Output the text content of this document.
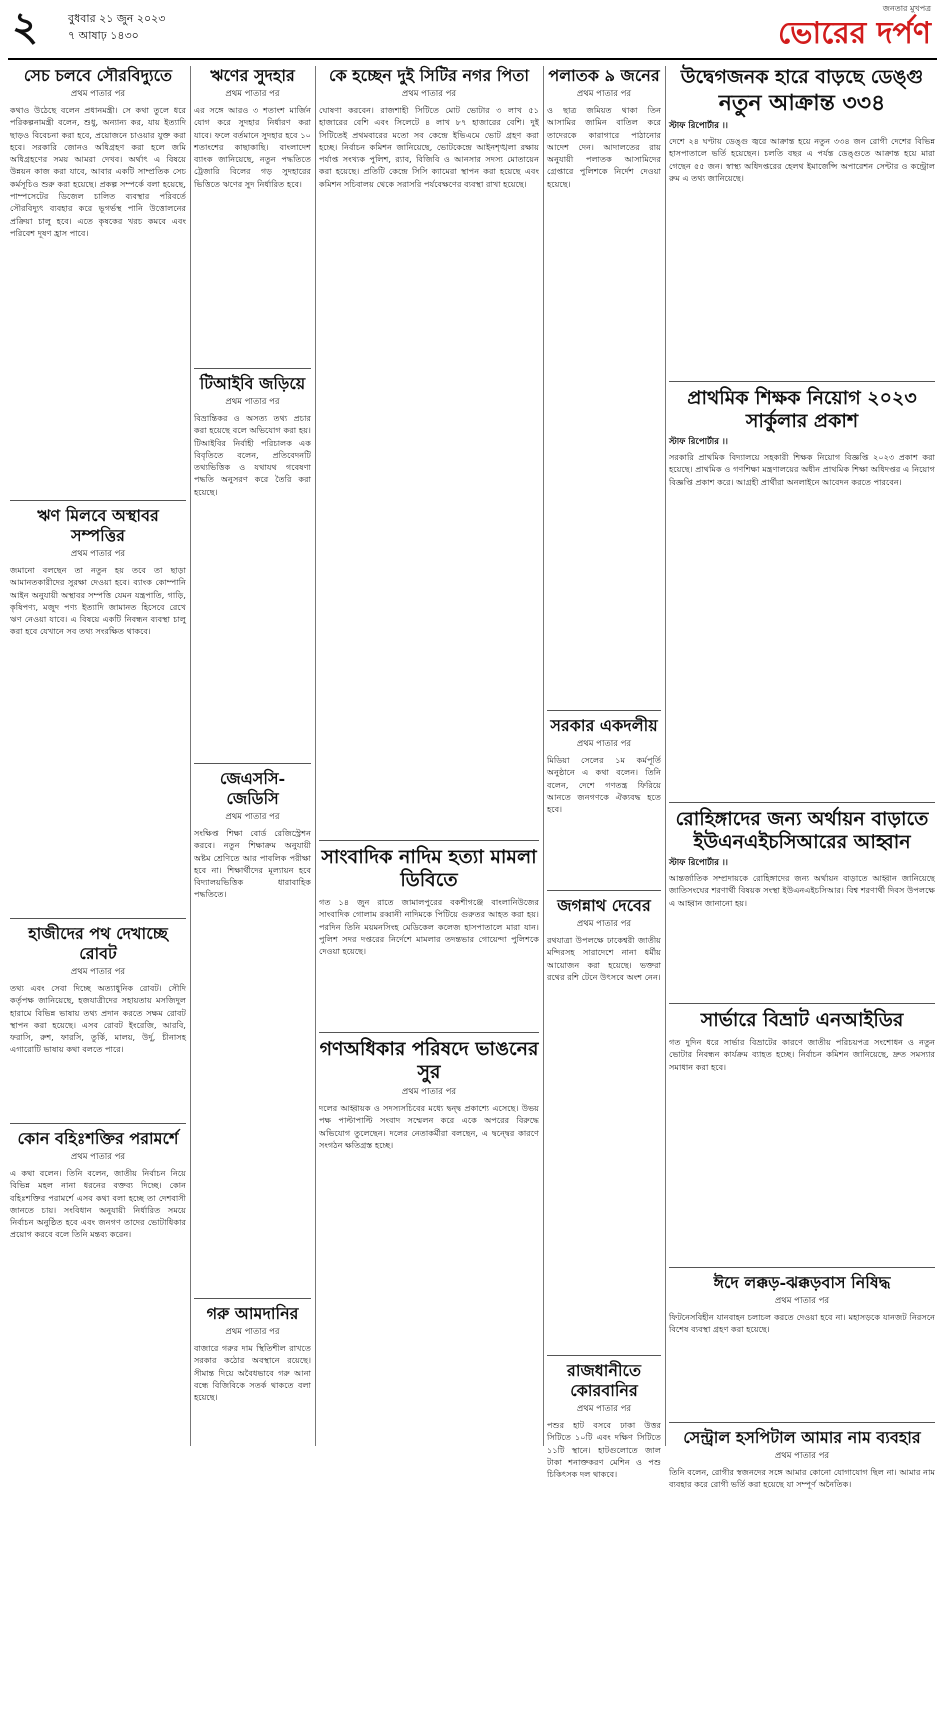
২	বুধবার ২১ জুন ২০২৩
৭ আষাঢ় ১৪৩০
জনতার মুখপত্র
ভোরের দর্পণ
সেচ চলবে সৌরবিদ্যুতে
প্রথম পাতার পর
কথাও উঠেছে বলেন প্রধানমন্ত্রী। সে কথা তুলে ধরে পরিকল্পনামন্ত্রী বলেন, শুধু, অন্যান্য কর, যায় ইত্যাদি ছাড়ও বিবেচনা করা হবে, প্রয়োজনে চাওয়ার যুক্ত করা হবে। সরকারি জোনও অধিগ্রহণ করা হলে জমি অধিগ্রহণের সময় আমরা দেখব। অর্থাৎ এ বিষয়ে উন্নয়ন কাজ করা যাবে, আবার একটি সাম্প্রতিক সেচ কর্মসূচিও শুরু করা হয়েছে। প্রকল্প সম্পর্কে বলা হয়েছে, পাম্পসেটের ডিজেল চালিত ব্যবস্থার পরিবর্তে সৌরবিদ্যুৎ ব্যবহার করে ভূগর্ভস্থ পানি উত্তোলনের প্রক্রিয়া চালু হবে। এতে কৃষকের খরচ কমবে এবং পরিবেশ দূষণ হ্রাস পাবে।
ঋণ মিলবে অস্থাবর সম্পত্তির
প্রথম পাতার পর
জমানো বলছেন তা নতুন হয় তবে তা ছাড়া আমানতকারীদের সুরক্ষা দেওয়া হবে। ব্যাংক কোম্পানি আইন অনুযায়ী অস্থাবর সম্পত্তি যেমন যন্ত্রপাতি, গাড়ি, কৃষিপণ্য, মজুদ পণ্য ইত্যাদি জামানত হিসেবে রেখে ঋণ নেওয়া যাবে। এ বিষয়ে একটি নিবন্ধন ব্যবস্থা চালু করা হবে যেখানে সব তথ্য সংরক্ষিত থাকবে।
হাজীদের পথ দেখাচ্ছে রোবট
প্রথম পাতার পর
তথ্য এবং সেবা দিচ্ছে অত্যাধুনিক রোবট। সৌদি কর্তৃপক্ষ জানিয়েছে, হজযাত্রীদের সহায়তায় মসজিদুল হারামে বিভিন্ন ভাষায় তথ্য প্রদান করতে সক্ষম রোবট স্থাপন করা হয়েছে। এসব রোবট ইংরেজি, আরবি, ফরাসি, রুশ, ফারসি, তুর্কি, মালয়, উর্দু, চীনাসহ এগারোটি ভাষায় কথা বলতে পারে।
কোন বহিঃশক্তির পরামর্শে
প্রথম পাতার পর
এ কথা বলেন। তিনি বলেন, জাতীয় নির্বাচন নিয়ে বিভিন্ন মহল নানা ধরনের বক্তব্য দিচ্ছে। কোন বহিঃশক্তির পরামর্শে এসব কথা বলা হচ্ছে তা দেশবাসী জানতে চায়। সংবিধান অনুযায়ী নির্ধারিত সময়ে নির্বাচন অনুষ্ঠিত হবে এবং জনগণ তাদের ভোটাধিকার প্রয়োগ করবে বলে তিনি মন্তব্য করেন।
ঋণের সুদহার
প্রথম পাতার পর
এর সঙ্গে আরও ৩ শতাংশ মার্জিন যোগ করে সুদহার নির্ধারণ করা যাবে। ফলে বর্তমানে সুদহার হবে ১০ শতাংশের কাছাকাছি। বাংলাদেশ ব্যাংক জানিয়েছে, নতুন পদ্ধতিতে ট্রেজারি বিলের গড় সুদহারের ভিত্তিতে ঋণের সুদ নির্ধারিত হবে।
টিআইবি জড়িয়ে
প্রথম পাতার পর
বিভ্রান্তিকর ও অসত্য তথ্য প্রচার করা হয়েছে বলে অভিযোগ করা হয়। টিআইবির নির্বাহী পরিচালক এক বিবৃতিতে বলেন, প্রতিবেদনটি তথ্যভিত্তিক ও যথাযথ গবেষণা পদ্ধতি অনুসরণ করে তৈরি করা হয়েছে।
জেএসসি-জেডিসি
প্রথম পাতার পর
সংক্ষিপ্ত শিক্ষা বোর্ড রেজিস্ট্রেশন করবে। নতুন শিক্ষাক্রম অনুযায়ী অষ্টম শ্রেণিতে আর পাবলিক পরীক্ষা হবে না। শিক্ষার্থীদের মূল্যায়ন হবে বিদ্যালয়ভিত্তিক ধারাবাহিক পদ্ধতিতে।
গরু আমদানির
প্রথম পাতার পর
বাজারে গরুর দাম স্থিতিশীল রাখতে সরকার কঠোর অবস্থানে রয়েছে। সীমান্ত দিয়ে অবৈধভাবে গরু আনা বন্ধে বিজিবিকে সতর্ক থাকতে বলা হয়েছে।
কে হচ্ছেন দুই সিটির নগর পিতা
প্রথম পাতার পর
ঘোষণা করবেন। রাজশাহী সিটিতে মোট ভোটার ৩ লাখ ৫১ হাজারের বেশি এবং সিলেটে ৪ লাখ ৮৭ হাজারের বেশি। দুই সিটিতেই প্রথমবারের মতো সব কেন্দ্রে ইভিএমে ভোট গ্রহণ করা হচ্ছে। নির্বাচন কমিশন জানিয়েছে, ভোটকেন্দ্রে আইনশৃঙ্খলা রক্ষায় পর্যাপ্ত সংখ্যক পুলিশ, র‍্যাব, বিজিবি ও আনসার সদস্য মোতায়েন করা হয়েছে। প্রতিটি কেন্দ্রে সিসি ক্যামেরা স্থাপন করা হয়েছে এবং কমিশন সচিবালয় থেকে সরাসরি পর্যবেক্ষণের ব্যবস্থা রাখা হয়েছে।
সাংবাদিক নাদিম হত্যা মামলা ডিবিতে
গত ১৪ জুন রাতে জামালপুরের বকশীগঞ্জে বাংলানিউজের সাংবাদিক গোলাম রব্বানী নাদিমকে পিটিয়ে গুরুতর আহত করা হয়। পরদিন তিনি ময়মনসিংহ মেডিকেল কলেজ হাসপাতালে মারা যান। পুলিশ সদর দপ্তরের নির্দেশে মামলার তদন্তভার গোয়েন্দা পুলিশকে দেওয়া হয়েছে।
গণঅধিকার পরিষদে ভাঙনের সুর
প্রথম পাতার পর
দলের আহ্বায়ক ও সদস্যসচিবের মধ্যে দ্বন্দ্ব প্রকাশ্যে এসেছে। উভয় পক্ষ পাল্টাপাল্টি সংবাদ সম্মেলন করে একে অপরের বিরুদ্ধে অভিযোগ তুলেছেন। দলের নেতাকর্মীরা বলছেন, এ দ্বন্দ্বের কারণে সংগঠন ক্ষতিগ্রস্ত হচ্ছে।
পলাতক ৯ জনের
প্রথম পাতার পর
ও ছাত্র জমিয়ত থাকা তিন আসামির জামিন বাতিল করে তাদেরকে কারাগারে পাঠানোর আদেশ দেন। আদালতের রায় অনুযায়ী পলাতক আসামিদের গ্রেপ্তারে পুলিশকে নির্দেশ দেওয়া হয়েছে।
সরকার একদলীয়
প্রথম পাতার পর
মিডিয়া সেলের ১ম কর্মপূর্তি অনুষ্ঠানে এ কথা বলেন। তিনি বলেন, দেশে গণতন্ত্র ফিরিয়ে আনতে জনগণকে ঐক্যবদ্ধ হতে হবে।
জগন্নাথ দেবের
প্রথম পাতার পর
রথযাত্রা উপলক্ষে ঢাকেশ্বরী জাতীয় মন্দিরসহ সারাদেশে নানা ধর্মীয় আয়োজন করা হয়েছে। ভক্তরা রথের রশি টেনে উৎসবে অংশ নেন।
রাজধানীতে কোরবানির
প্রথম পাতার পর
পশুর হাট বসবে ঢাকা উত্তর সিটিতে ১০টি এবং দক্ষিণ সিটিতে ১১টি স্থানে। হাটগুলোতে জাল টাকা শনাক্তকরণ মেশিন ও পশু চিকিৎসক দল থাকবে।
উদ্বেগজনক হারে বাড়ছে ডেঙ্গু
নতুন আক্রান্ত ৩৩৪
স্টাফ রিপোর্টার ।।
দেশে ২৪ ঘণ্টায় ডেঙ্গু জ্বরে আক্রান্ত হয়ে নতুন ৩৩৪ জন রোগী দেশের বিভিন্ন হাসপাতালে ভর্তি হয়েছেন। চলতি বছর এ পর্যন্ত ডেঙ্গুতে আক্রান্ত হয়ে মারা গেছেন ৫৫ জন। স্বাস্থ্য অধিদপ্তরের হেলথ ইমার্জেন্সি অপারেশন সেন্টার ও কন্ট্রোল রুম এ তথ্য জানিয়েছে।
প্রাথমিক শিক্ষক নিয়োগ ২০২৩ সার্কুলার প্রকাশ
স্টাফ রিপোর্টার ।।
সরকারি প্রাথমিক বিদ্যালয়ে সহকারী শিক্ষক নিয়োগ বিজ্ঞপ্তি ২০২৩ প্রকাশ করা হয়েছে। প্রাথমিক ও গণশিক্ষা মন্ত্রণালয়ের অধীন প্রাথমিক শিক্ষা অধিদপ্তর এ নিয়োগ বিজ্ঞপ্তি প্রকাশ করে। আগ্রহী প্রার্থীরা অনলাইনে আবেদন করতে পারবেন।
রোহিঙ্গাদের জন্য অর্থায়ন বাড়াতে
ইউএনএইচসিআরের আহ্বান
স্টাফ রিপোর্টার ।।
আন্তর্জাতিক সম্প্রদায়কে রোহিঙ্গাদের জন্য অর্থায়ন বাড়াতে আহ্বান জানিয়েছে জাতিসংঘের শরণার্থী বিষয়ক সংস্থা ইউএনএইচসিআর। বিশ্ব শরণার্থী দিবস উপলক্ষে এ আহ্বান জানানো হয়।
সার্ভারে বিভ্রাট এনআইডির
গত দুদিন ধরে সার্ভার বিভ্রাটের কারণে জাতীয় পরিচয়পত্র সংশোধন ও নতুন ভোটার নিবন্ধন কার্যক্রম ব্যাহত হচ্ছে। নির্বাচন কমিশন জানিয়েছে, দ্রুত সমস্যার সমাধান করা হবে।
ঈদে লক্কড়-ঝক্কড়বাস নিষিদ্ধ
প্রথম পাতার পর
ফিটনেসবিহীন যানবাহন চলাচল করতে দেওয়া হবে না। মহাসড়কে যানজট নিরসনে বিশেষ ব্যবস্থা গ্রহণ করা হয়েছে।
সেন্ট্রাল হসপিটাল আমার নাম ব্যবহার
প্রথম পাতার পর
তিনি বলেন, রোগীর স্বজনদের সঙ্গে আমার কোনো যোগাযোগ ছিল না। আমার নাম ব্যবহার করে রোগী ভর্তি করা হয়েছে যা সম্পূর্ণ অনৈতিক।
